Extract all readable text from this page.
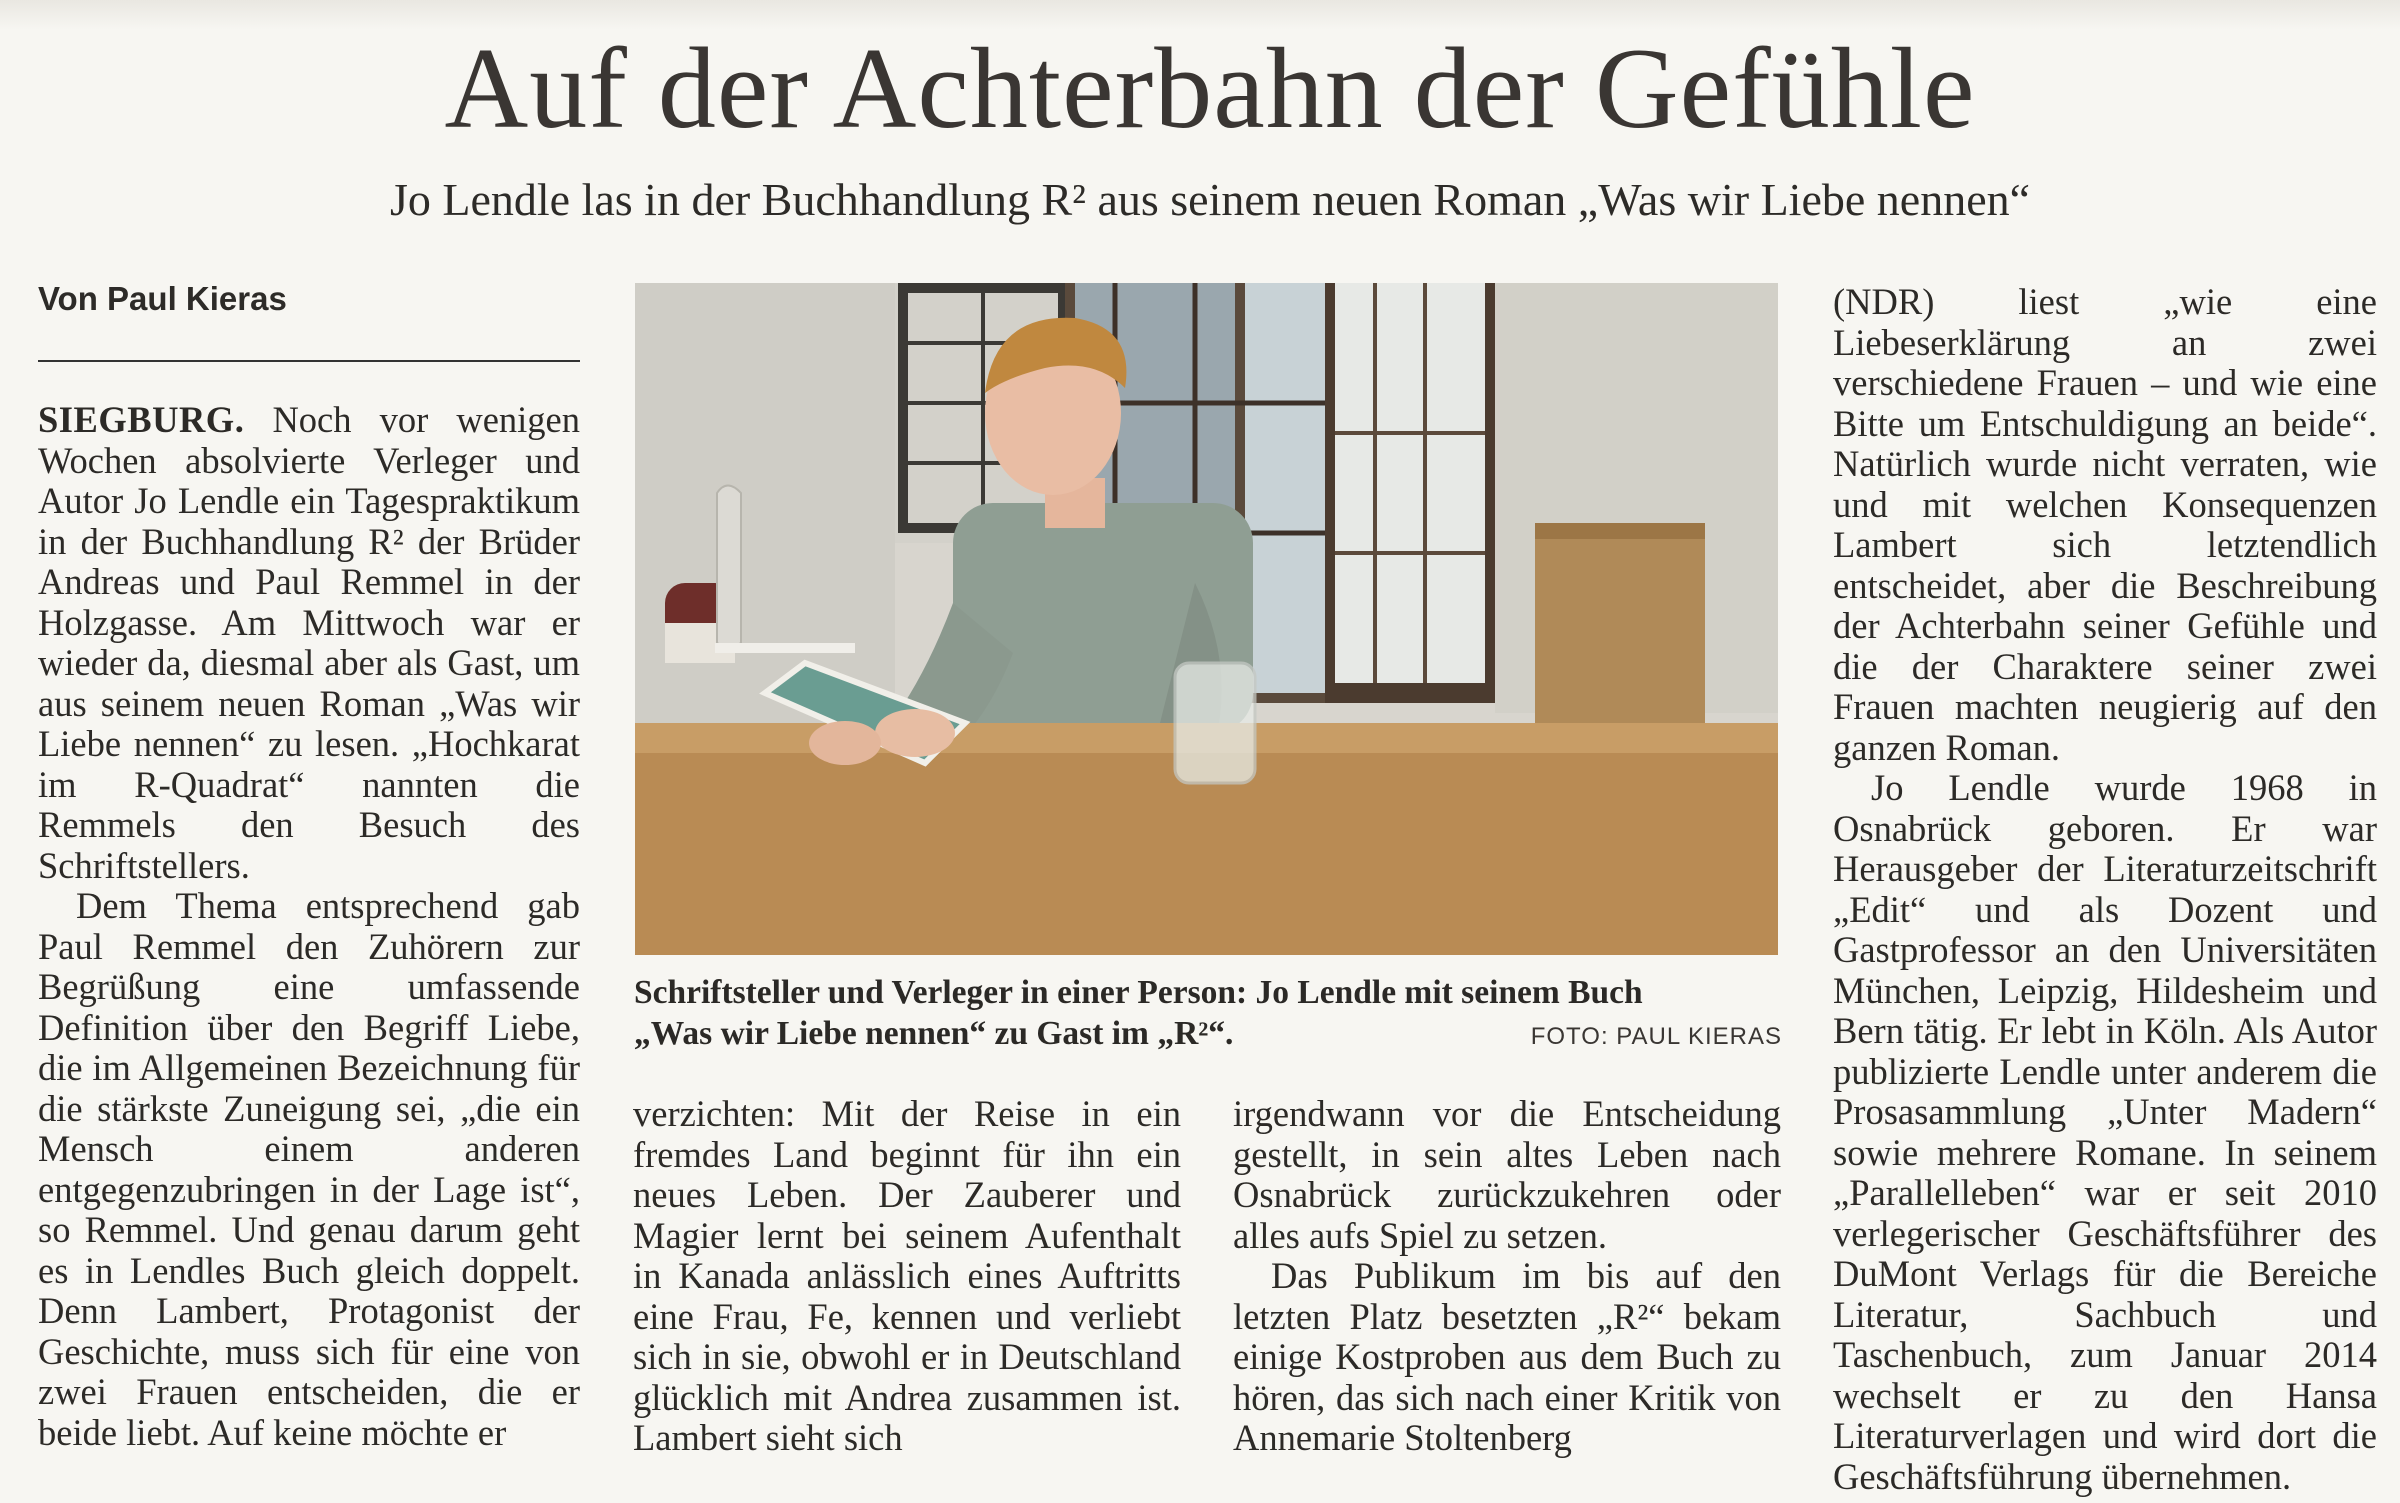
Auf der Achterbahn der Gefühle
Jo Lendle las in der Buchhandlung R² aus seinem neuen Roman „Was wir Liebe nennen“
Von Paul Kieras

SIEGBURG. Noch vor wenigen Wochen absolvierte Verleger und Autor Jo Lendle ein Tagespraktikum in der Buchhandlung R² der Brüder Andreas und Paul Remmel in der Holzgasse. Am Mittwoch war er wieder da, diesmal aber als Gast, um aus seinem neuen Roman „Was wir Liebe nennen“ zu lesen. „Hochkarat im R-Quadrat“ nannten die Remmels den Besuch des Schriftstellers.

Dem Thema entsprechend gab Paul Remmel den Zuhörern zur Begrüßung eine umfassende Definition über den Begriff Liebe, die im Allgemeinen Bezeichnung für die stärkste Zuneigung sei, „die ein Mensch einem anderen entgegenzubringen in der Lage ist“, so Remmel. Und genau darum geht es in Lendles Buch gleich doppelt. Denn Lambert, Protagonist der Geschichte, muss sich für eine von zwei Frauen entscheiden, die er beide liebt. Auf keine möchte er

Schriftsteller und Verleger in einer Person: Jo Lendle mit seinem Buch
„Was wir Liebe nennen“ zu Gast im „R²“.	FOTO: PAUL KIERAS

verzichten: Mit der Reise in ein fremdes Land beginnt für ihn ein neues Leben. Der Zauberer und Magier lernt bei seinem Aufenthalt in Kanada anlässlich eines Auftritts eine Frau, Fe, kennen und verliebt sich in sie, obwohl er in Deutschland glücklich mit Andrea zusammen ist. Lambert sieht sich

irgendwann vor die Entscheidung gestellt, in sein altes Leben nach Osnabrück zurückzukehren oder alles aufs Spiel zu setzen.

Das Publikum im bis auf den letzten Platz besetzten „R²“ bekam einige Kostproben aus dem Buch zu hören, das sich nach einer Kritik von Annemarie Stoltenberg

(NDR) liest „wie eine Liebeserklärung an zwei verschiedene Frauen – und wie eine Bitte um Entschuldigung an beide“. Natürlich wurde nicht verraten, wie und mit welchen Konsequenzen Lambert sich letztendlich entscheidet, aber die Beschreibung der Achterbahn seiner Gefühle und die der Charaktere seiner zwei Frauen machten neugierig auf den ganzen Roman.

Jo Lendle wurde 1968 in Osnabrück geboren. Er war Herausgeber der Literaturzeitschrift „Edit“ und als Dozent und Gastprofessor an den Universitäten München, Leipzig, Hildesheim und Bern tätig. Er lebt in Köln. Als Autor publizierte Lendle unter anderem die Prosasammlung „Unter Madern“ sowie mehrere Romane. In seinem „Parallelleben“ war er seit 2010 verlegerischer Geschäftsführer des DuMont Verlags für die Bereiche Literatur, Sachbuch und Taschenbuch, zum Januar 2014 wechselt er zu den Hansa Literaturverlagen und wird dort die Geschäftsführung übernehmen.
